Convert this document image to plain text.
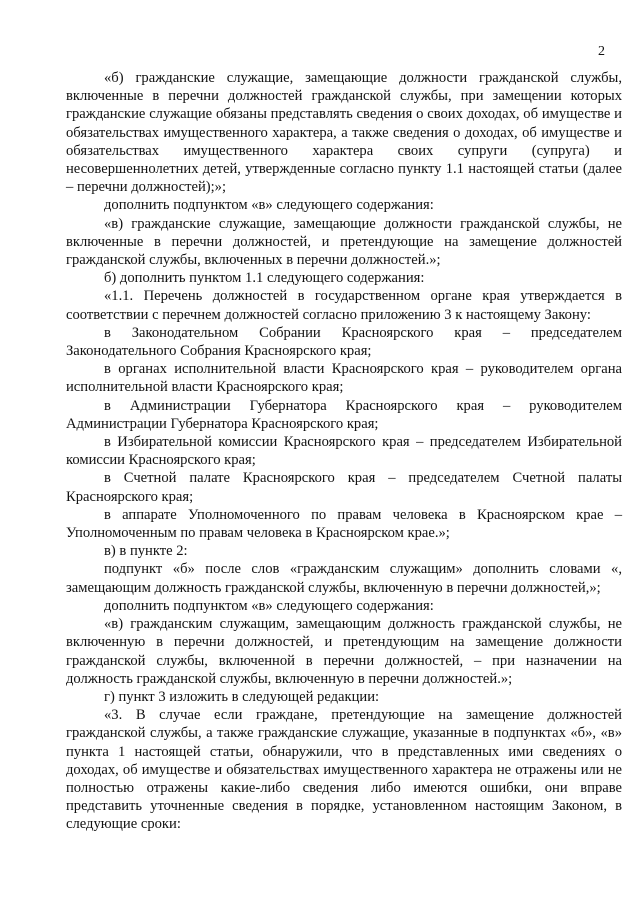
2

«б) гражданские служащие, замещающие должности гражданской службы, включенные в перечни должностей гражданской службы, при замещении которых гражданские служащие обязаны представлять сведения о своих доходах, об имуществе и обязательствах имущественного характера, а также сведения о доходах, об имуществе и обязательствах имущественного характера своих супруги (супруга) и несовершеннолетних детей, утвержденные согласно пункту 1.1 настоящей статьи (далее – перечни должностей);»;

дополнить подпунктом «в» следующего содержания:

«в) гражданские служащие, замещающие должности гражданской службы, не включенные в перечни должностей, и претендующие на замещение должностей гражданской службы, включенных в перечни должностей.»;

б) дополнить пунктом 1.1 следующего содержания:

«1.1. Перечень должностей в государственном органе края утверждается в соответствии с перечнем должностей согласно приложению 3 к настоящему Закону:

в Законодательном Собрании Красноярского края – председателем Законодательного Собрания Красноярского края;

в органах исполнительной власти Красноярского края – руководителем органа исполнительной власти Красноярского края;

в Администрации Губернатора Красноярского края – руководителем Администрации Губернатора Красноярского края;

в Избирательной комиссии Красноярского края – председателем Избирательной комиссии Красноярского края;

в Счетной палате Красноярского края – председателем Счетной палаты Красноярского края;

в аппарате Уполномоченного по правам человека в Красноярском крае – Уполномоченным по правам человека в Красноярском крае.»;

в) в пункте 2:

подпункт «б» после слов «гражданским служащим» дополнить словами «, замещающим должность гражданской службы, включенную в перечни должностей,»;

дополнить подпунктом «в» следующего содержания:

«в) гражданским служащим, замещающим должность гражданской службы, не включенную в перечни должностей, и претендующим на замещение должности гражданской службы, включенной в перечни должностей, – при назначении на должность гражданской службы, включенную в перечни должностей.»;

г) пункт 3 изложить в следующей редакции:

«3. В случае если граждане, претендующие на замещение должностей гражданской службы, а также гражданские служащие, указанные в подпунктах «б», «в» пункта 1 настоящей статьи, обнаружили, что в представленных ими сведениях о доходах, об имуществе и обязательствах имущественного характера не отражены или не полностью отражены какие-либо сведения либо имеются ошибки, они вправе представить уточненные сведения в порядке, установленном настоящим Законом, в следующие сроки:
